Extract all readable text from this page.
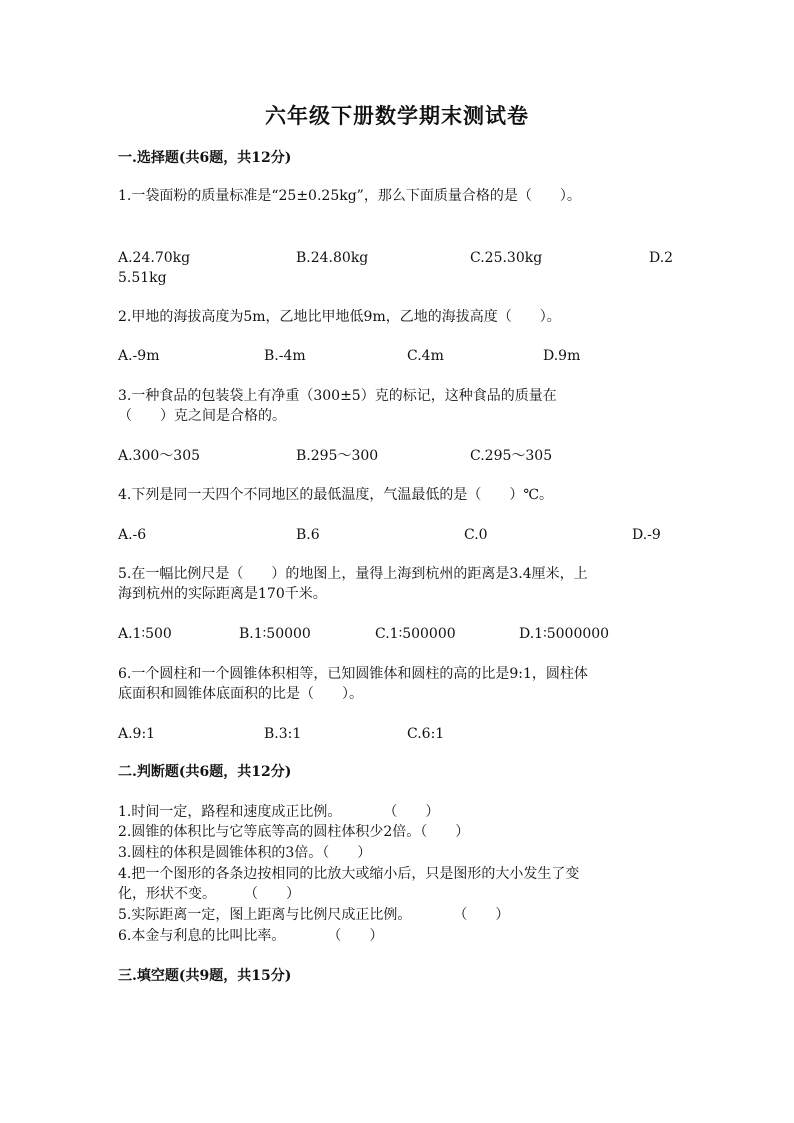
六年级下册数学期末测试卷
一.选择题(共6题，共12分)
1.一袋面粉的质量标准是“25±0.25kg”，那么下面质量合格的是（　　）。
A.24.70kg	B.24.80kg	C.25.30kg	D.2
5.51kg
2.甲地的海拔高度为5m，乙地比甲地低9m，乙地的海拔高度（　　）。
A.-9m	B.-4m	C.4m	D.9m
3.一种食品的包装袋上有净重（300±5）克的标记，这种食品的质量在
（　　）克之间是合格的。
A.300～305	B.295～300	C.295～305
4.下列是同一天四个不同地区的最低温度，气温最低的是（　　）℃。
A.-6	B.6	C.0	D.-9
5.在一幅比例尺是（　　）的地图上，量得上海到杭州的距离是3.4厘米，上
海到杭州的实际距离是170千米。
A.1∶500	B.1∶50000	C.1∶500000	D.1∶5000000
6.一个圆柱和一个圆锥体积相等，已知圆锥体和圆柱的高的比是9:1，圆柱体
底面积和圆锥体底面积的比是（　　）。
A.9:1	B.3:1	C.6:1
二.判断题(共6题，共12分)
1.时间一定，路程和速度成正比例。　　　　（　　）
2.圆锥的体积比与它等底等高的圆柱体积少2倍。（　　）
3.圆柱的体积是圆锥体积的3倍。（　　）
4.把一个图形的各条边按相同的比放大或缩小后，只是图形的大小发生了变
化，形状不变。　　　（　　）
5.实际距离一定，图上距离与比例尺成正比例。　　　　（　　）
6.本金与利息的比叫比率。　　　　（　　）
三.填空题(共9题，共15分)
